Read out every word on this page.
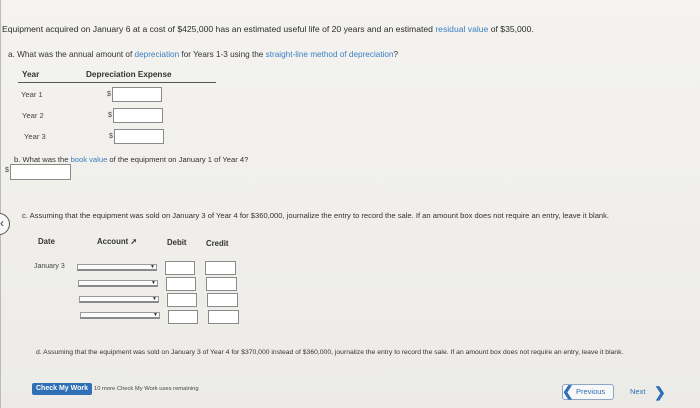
Equipment acquired on January 6 at a cost of $425,000 has an estimated useful life of 20 years and an estimated residual value of $35,000.
a. What was the annual amount of depreciation for Years 1-3 using the straight-line method of depreciation?
Year	Depreciation Expense
Year 1	$
Year 2	$
Year 3	$
b. What was the book value of the equipment on January 1 of Year 4?
$
‹
c. Assuming that the equipment was sold on January 3 of Year 4 for $360,000, journalize the entry to record the sale. If an amount box does not require an entry, leave it blank.
Date	Account ➚	Debit	Credit
January 3	▼
▼
▼
▼
d. Assuming that the equipment was sold on January 3 of Year 4 for $370,000 instead of $360,000, journalize the entry to record the sale. If an amount box does not require an entry, leave it blank.
Check My Work	10 more Check My Work uses remaining	❮ Previous	Next ❯
